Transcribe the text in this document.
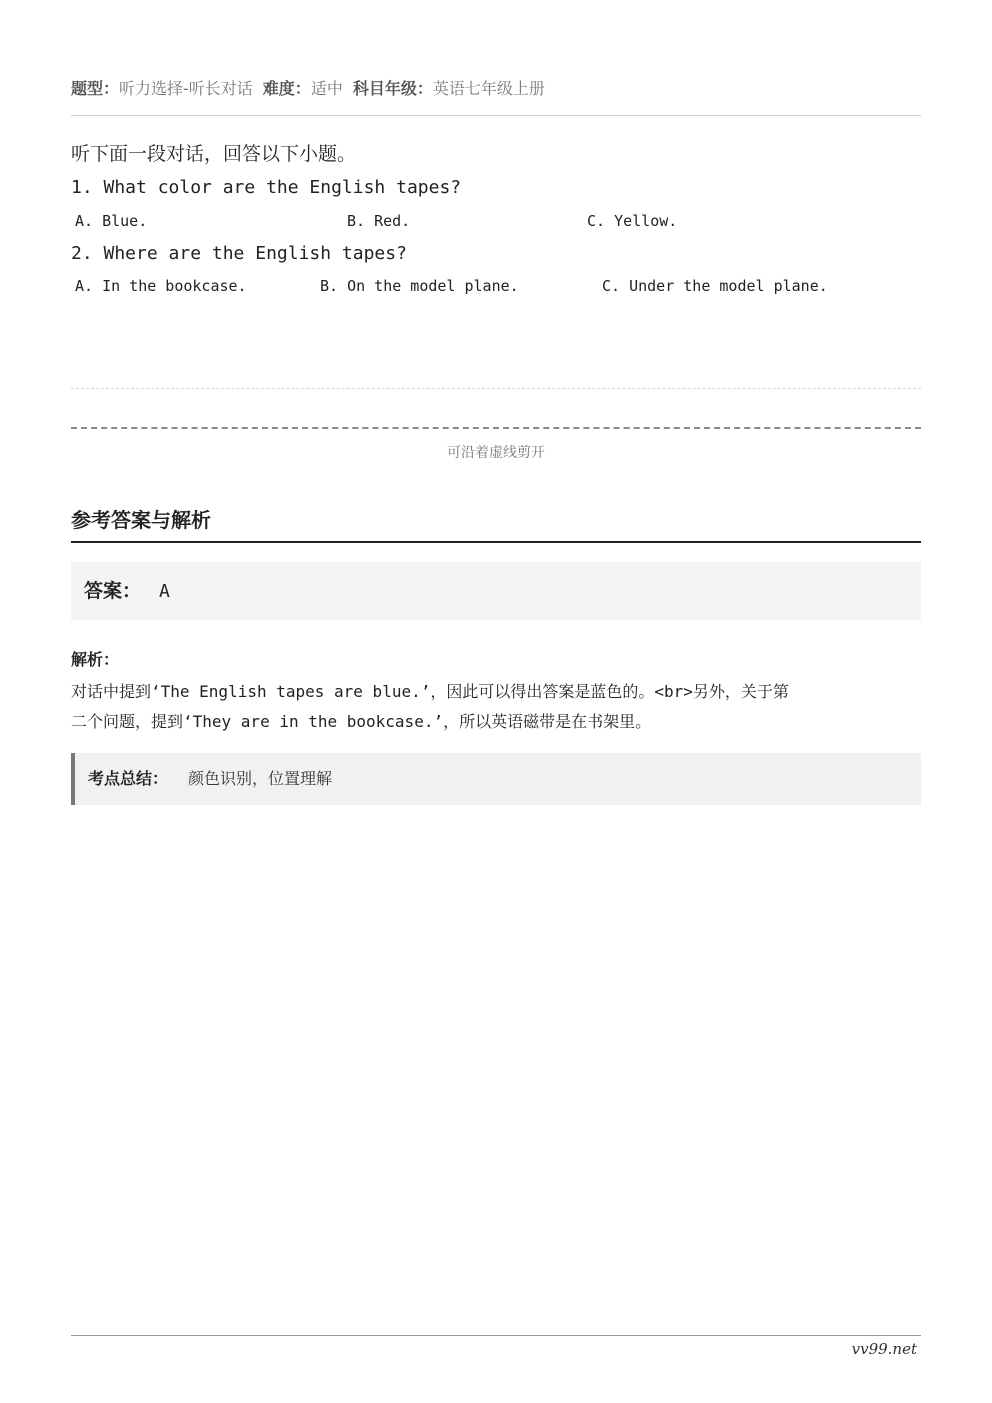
题型：听力选择-听长对话 难度：适中 科目年级：英语七年级上册
听下面一段对话，回答以下小题。
1. What color are the English tapes?
A. Blue.	B. Red.	C. Yellow.
2. Where are the English tapes?
A. In the bookcase.	B. On the model plane.	C. Under the model plane.
可沿着虚线剪开
参考答案与解析
答案： A
解析：
对话中提到‘The English tapes are blue.’，因此可以得出答案是蓝色的。<br>另外，关于第
二个问题，提到‘They are in the bookcase.’，所以英语磁带是在书架里。
考点总结： 颜色识别，位置理解
vv99.net
